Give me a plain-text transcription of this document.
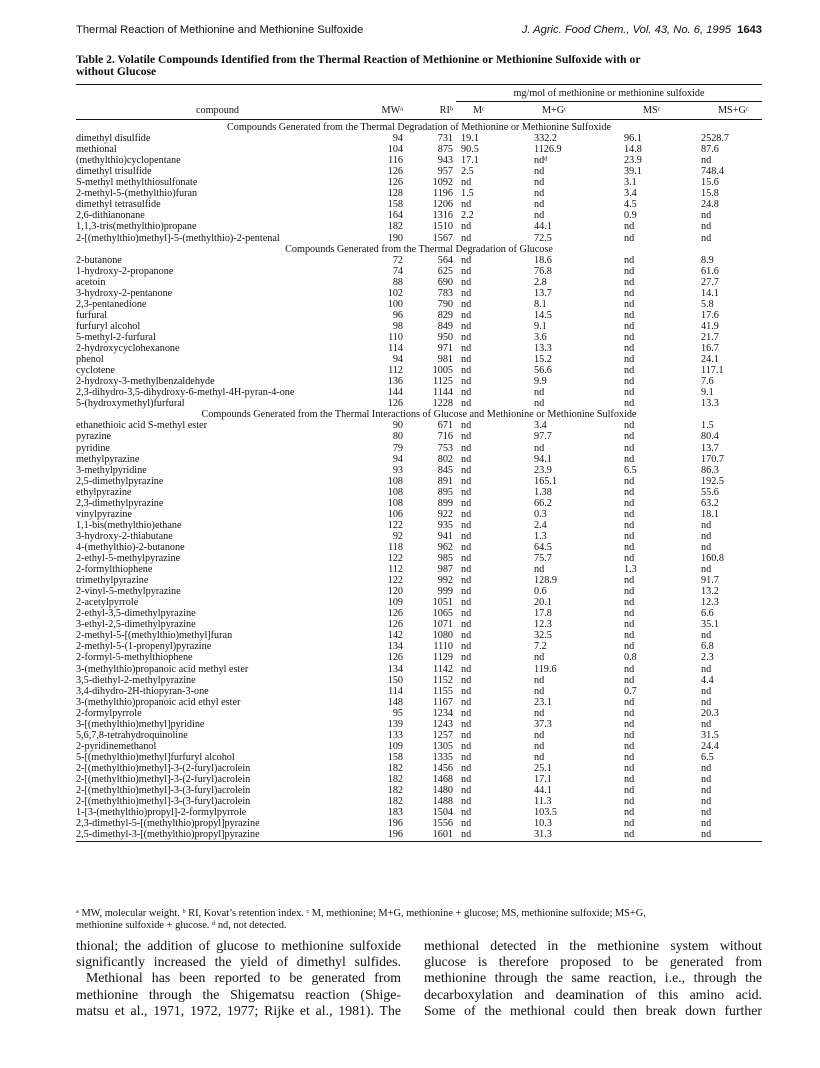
Thermal Reaction of Methionine and Methionine Sulfoxide	J. Agric. Food Chem., Vol. 43, No. 6, 1995 1643
Table 2. Volatile Compounds Identified from the Thermal Reaction of Methionine or Methionine Sulfoxide with or
without Glucose
mg/mol of methionine or methionine sulfoxide
compound	MWᵃ	RIᵇ Mᶜ	M+Gᶜ	MSᶜ	MS+Gᶜ
Compounds Generated from the Thermal Degradation of Methionine or Methionine Sulfoxide
dimethyl disulfide	94	731 19.1	332.2	96.1	2528.7
methional	104	875 90.5	1126.9	14.8	87.6
(methylthio)cyclopentane	116	943 17.1	ndᵈ	23.9	nd
dimethyl trisulfide	126	957 2.5	nd	39.1	748.4
S-methyl methylthiosulfonate	126	1092 nd	nd	3.1	15.6
2-methyl-5-(methylthio)furan	128	1196 1.5	nd	3.4	15.8
dimethyl tetrasulfide	158	1206 nd	nd	4.5	24.8
2,6-dithianonane	164	1316 2.2	nd	0.9	nd
1,1,3-tris(methylthio)propane	182	1510 nd	44.1	nd	nd
2-[(methylthio)methyl]-5-(methylthio)-2-pentenal	190	1567 nd	72.5	nd	nd
Compounds Generated from the Thermal Degradation of Glucose
2-butanone	72	564 nd	18.6	nd	8.9
1-hydroxy-2-propanone	74	625 nd	76.8	nd	61.6
acetoin	88	690 nd	2.8	nd	27.7
3-hydroxy-2-pentanone	102	783 nd	13.7	nd	14.1
2,3-pentanedione	100	790 nd	8.1	nd	5.8
furfural	96	829 nd	14.5	nd	17.6
furfuryl alcohol	98	849 nd	9.1	nd	41.9
5-methyl-2-furfural	110	950 nd	3.6	nd	21.7
2-hydroxycyclohexanone	114	971 nd	13.3	nd	16.7
phenol	94	981 nd	15.2	nd	24.1
cyclotene	112	1005 nd	56.6	nd	117.1
2-hydroxy-3-methylbenzaldehyde	136	1125 nd	9.9	nd	7.6
2,3-dihydro-3,5-dihydroxy-6-methyl-4H-pyran-4-one	144	1144 nd	nd	nd	9.1
5-(hydroxymethyl)furfural	126	1228 nd	nd	nd	13.3
Compounds Generated from the Thermal Interactions of Glucose and Methionine or Methionine Sulfoxide
ethanethioic acid S-methyl ester	90	671 nd	3.4	nd	1.5
pyrazine	80	716 nd	97.7	nd	80.4
pyridine	79	753 nd	nd	nd	13.7
methylpyrazine	94	802 nd	94.1	nd	170.7
3-methylpyridine	93	845 nd	23.9	6.5	86.3
2,5-dimethylpyrazine	108	891 nd	165.1	nd	192.5
ethylpyrazine	108	895 nd	1.38	nd	55.6
2,3-dimethylpyrazine	108	899 nd	66.2	nd	63.2
vinylpyrazine	106	922 nd	0.3	nd	18.1
1,1-bis(methylthio)ethane	122	935 nd	2.4	nd	nd
3-hydroxy-2-thiabutane	92	941 nd	1.3	nd	nd
4-(methylthio)-2-butanone	118	962 nd	64.5	nd	nd
2-ethyl-5-methylpyrazine	122	985 nd	75.7	nd	160.8
2-formylthiophene	112	987 nd	nd	1.3	nd
trimethylpyrazine	122	992 nd	128.9	nd	91.7
2-vinyl-5-methylpyrazine	120	999 nd	0.6	nd	13.2
2-acetylpyrrole	109	1051 nd	20.1	nd	12.3
2-ethyl-3,5-dimethylpyrazine	126	1065 nd	17.8	nd	6.6
3-ethyl-2,5-dimethylpyrazine	126	1071 nd	12.3	nd	35.1
2-methyl-5-[(methylthio)methyl]furan	142	1080 nd	32.5	nd	nd
2-methyl-5-(1-propenyl)pyrazine	134	1110 nd	7.2	nd	6.8
2-formyl-5-methylthiophene	126	1129 nd	nd	0.8	2.3
3-(methylthio)propanoic acid methyl ester	134	1142 nd	119.6	nd	nd
3,5-diethyl-2-methylpyrazine	150	1152 nd	nd	nd	4.4
3,4-dihydro-2H-thiopyran-3-one	114	1155 nd	nd	0.7	nd
3-(methylthio)propanoic acid ethyl ester	148	1167 nd	23.1	nd	nd
2-formylpyrrole	95	1234 nd	nd	nd	20.3
3-[(methylthio)methyl]pyridine	139	1243 nd	37.3	nd	nd
5,6,7,8-tetrahydroquinoline	133	1257 nd	nd	nd	31.5
2-pyridinemethanol	109	1305 nd	nd	nd	24.4
5-[(methylthio)methyl]furfuryl alcohol	158	1335 nd	nd	nd	6.5
2-[(methylthio)methyl]-3-(2-furyl)acrolein	182	1456 nd	25.1	nd	nd
2-[(methylthio)methyl]-3-(2-furyl)acrolein	182	1468 nd	17.1	nd	nd
2-[(methylthio)methyl]-3-(3-furyl)acrolein	182	1480 nd	44.1	nd	nd
2-[(methylthio)methyl]-3-(3-furyl)acrolein	182	1488 nd	11.3	nd	nd
1-[3-(methylthio)propyl]-2-formylpyrrole	183	1504 nd	103.5	nd	nd
2,3-dimethyl-5-[(methylthio)propyl]pyrazine	196	1556 nd	10.3	nd	nd
2,5-dimethyl-3-[(methylthio)propyl]pyrazine	196	1601 nd	31.3	nd	nd
ᵃ MW, molecular weight. ᵇ RI, Kovat’s retention index. ᶜ M, methionine; M+G, methionine + glucose; MS, methionine sulfoxide; MS+G,
methionine sulfoxide + glucose. ᵈ nd, not detected.
thional; the addition of glucose to methionine sulfoxide
significantly increased the yield of dimethyl sulfides.
Methional has been reported to be generated from
methionine through the Shigematsu reaction (Shige-
matsu et al., 1971, 1972, 1977; Rijke et al., 1981). The
methional detected in the methionine system without
glucose is therefore proposed to be generated from
methionine through the same reaction, i.e., through the
decarboxylation and deamination of this amino acid.
Some of the methional could then break down further
